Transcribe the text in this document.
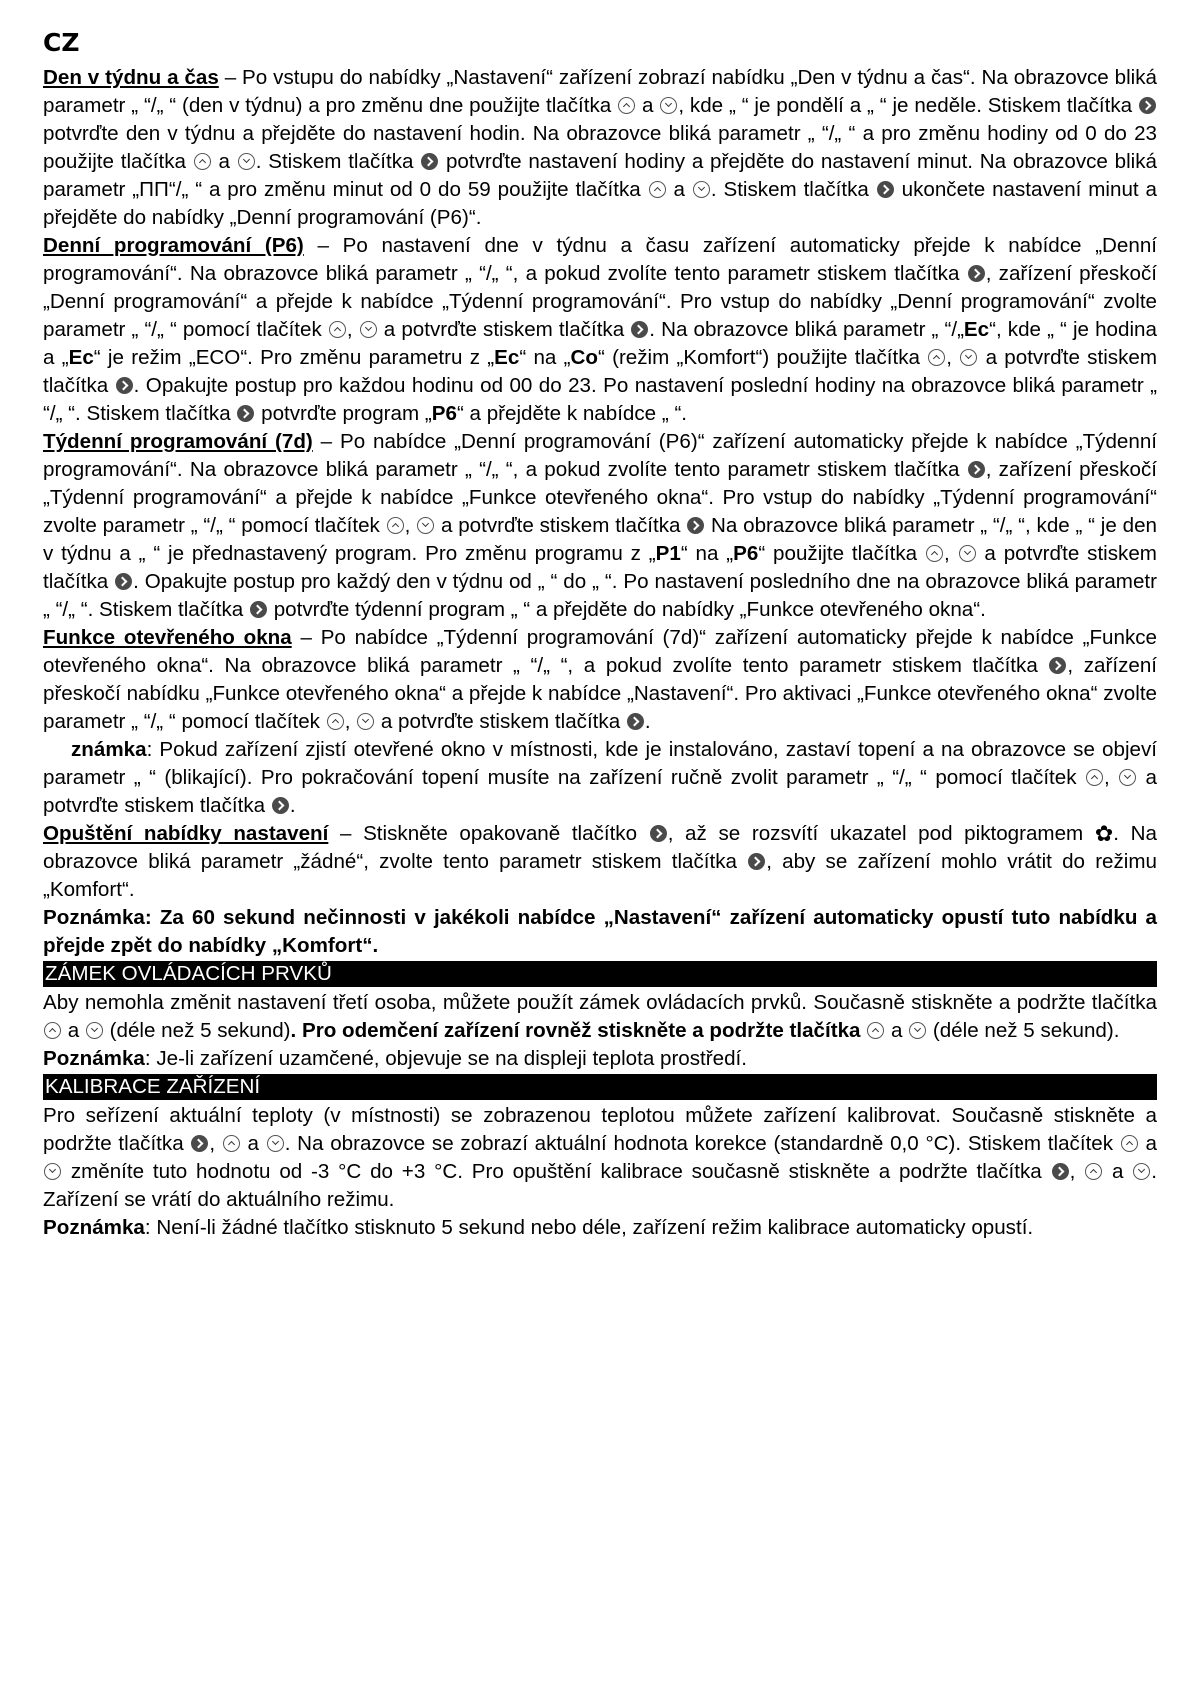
CZ

Den v týdnu a čas – Po vstupu do nabídky „Nastavení“ zařízení zobrazí nabídku „Den v týdnu a čas“. Na obrazovce bliká parametr „ “/„ “ (den v týdnu) a pro změnu dne použijte tlačítka  a , kde „ “ je pondělí a „ “ je neděle. Stiskem tlačítka  potvrďte den v týdnu a přejděte do nastavení hodin. Na obrazovce bliká parametr „ “/„ “ a pro změnu hodiny od 0 do 23 použijte tlačítka  a . Stiskem tlačítka  potvrďte nastavení hodiny a přejděte do nastavení minut. Na obrazovce bliká parametr „ΠΠ“/„ “ a pro změnu minut od 0 do 59 použijte tlačítka  a . Stiskem tlačítka  ukončete nastavení minut a přejděte do nabídky „Denní programování (P6)“.

Denní programování (P6) – Po nastavení dne v týdnu a času zařízení automaticky přejde k nabídce „Denní programování“. Na obrazovce bliká parametr „ “/„ “, a pokud zvolíte tento parametr stiskem tlačítka , zařízení přeskočí „Denní programování“ a přejde k nabídce „Týdenní programování“. Pro vstup do nabídky „Denní programování“ zvolte parametr „ “/„ “ pomocí tlačítek ,  a potvrďte stiskem tlačítka . Na obrazovce bliká parametr „ “/„Ec“, kde „ “ je hodina a „Ec“ je režim „ECO“. Pro změnu parametru z „Ec“ na „Co“ (režim „Komfort“) použijte tlačítka ,  a potvrďte stiskem tlačítka . Opakujte postup pro každou hodinu od 00 do 23. Po nastavení poslední hodiny na obrazovce bliká parametr „ “/„ “. Stiskem tlačítka  potvrďte program „P6“ a přejděte k nabídce „ “.

Týdenní programování (7d) – Po nabídce „Denní programování (P6)“ zařízení automaticky přejde k nabídce „Týdenní programování“. Na obrazovce bliká parametr „ “/„ “, a pokud zvolíte tento parametr stiskem tlačítka , zařízení přeskočí „Týdenní programování“ a přejde k nabídce „Funkce otevřeného okna“. Pro vstup do nabídky „Týdenní programování“ zvolte parametr „ “/„ “ pomocí tlačítek ,  a potvrďte stiskem tlačítka  Na obrazovce bliká parametr „ “/„ “, kde „ “ je den v týdnu a „ “ je přednastavený program. Pro změnu programu z „P1“ na „P6“ použijte tlačítka ,  a potvrďte stiskem tlačítka . Opakujte postup pro každý den v týdnu od „ “ do „ “. Po nastavení posledního dne na obrazovce bliká parametr „ “/„ “. Stiskem tlačítka  potvrďte týdenní program „ “ a přejděte do nabídky „Funkce otevřeného okna“.

Funkce otevřeného okna – Po nabídce „Týdenní programování (7d)“ zařízení automaticky přejde k nabídce „Funkce otevřeného okna“. Na obrazovce bliká parametr „ “/„ “, a pokud zvolíte tento parametr stiskem tlačítka , zařízení přeskočí nabídku „Funkce otevřeného okna“ a přejde k nabídce „Nastavení“. Pro aktivaci „Funkce otevřeného okna“ zvolte parametr „ “/„ “ pomocí tlačítek ,  a potvrďte stiskem tlačítka .

známka: Pokud zařízení zjistí otevřené okno v místnosti, kde je instalováno, zastaví topení a na obrazovce se objeví parametr „ “ (blikající). Pro pokračování topení musíte na zařízení ručně zvolit parametr „ “/„ “ pomocí tlačítek ,  a potvrďte stiskem tlačítka .

Opuštění nabídky nastavení – Stiskněte opakovaně tlačítko , až se rozsvítí ukazatel pod piktogramem ✿. Na obrazovce bliká parametr „žádné“, zvolte tento parametr stiskem tlačítka , aby se zařízení mohlo vrátit do režimu „Komfort“.

Poznámka: Za 60 sekund nečinnosti v jakékoli nabídce „Nastavení“ zařízení automaticky opustí tuto nabídku a přejde zpět do nabídky „Komfort“.

ZÁMEK OVLÁDACÍCH PRVKŮ

Aby nemohla změnit nastavení třetí osoba, můžete použít zámek ovládacích prvků. Současně stiskněte a podržte tlačítka  a  (déle než 5 sekund). Pro odemčení zařízení rovněž stiskněte a podržte tlačítka  a  (déle než 5 sekund).

Poznámka: Je-li zařízení uzamčené, objevuje se na displeji teplota prostředí.

KALIBRACE ZAŘÍZENÍ

Pro seřízení aktuální teploty (v místnosti) se zobrazenou teplotou můžete zařízení kalibrovat. Současně stiskněte a podržte tlačítka ,  a . Na obrazovce se zobrazí aktuální hodnota korekce (standardně 0,0 °C). Stiskem tlačítek  a  změníte tuto hodnotu od -3 °C do +3 °C. Pro opuštění kalibrace současně stiskněte a podržte tlačítka ,  a . Zařízení se vrátí do aktuálního režimu.

Poznámka: Není-li žádné tlačítko stisknuto 5 sekund nebo déle, zařízení režim kalibrace automaticky opustí.
